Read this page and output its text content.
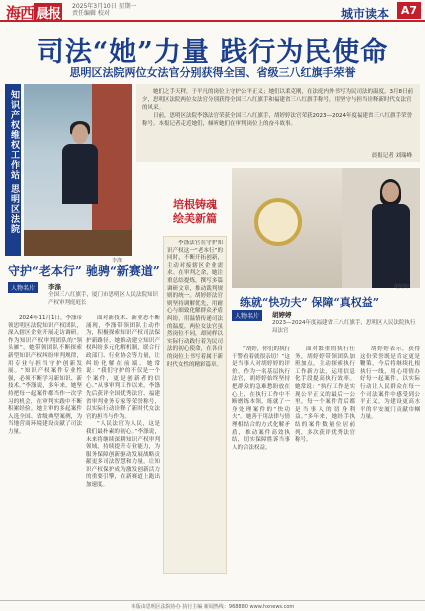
海西 晨报
2025年3月10日 星期一
责任编辑 校对	城市读本	A7
司法“她”力量 践行为民使命
思明区法院两位女法官分别获得全国、省级三八红旗手荣誉
知识产权维权工作站 思明区法院
李涤

她们之手天秤，于平凡的岗位上守护公平正义；她们以柔克刚，在法庭内外书写为民司法的温度。3月8日前夕，思明区法院两位女法官分别获得全国三八红旗手和福建省三八红旗手称号，用坚守与担当诠释新时代女法官的风采。

日前，思明区法院李涤法官荣获全国三八红旗手，胡婷婷法官荣获2023—2024年度福建省三八红旗手荣誉称号。本报记者走近她们，倾听她们在审判岗位上的奋斗故事。

晨报记者 刘瑞峰
守护“老本行” 驰骋“新赛道”
人物名片	李涤
全国三八红旗手，厦门市思明区人民法院知识产权审判庭庭长

2024年11月1日，李涤带领思明区法院知识产权团队，深入辖区企业开展走访调研。作为知识产权审判团队的“领头雁”，她带领团队不断探索新型知识产权纠纷审判规律，用专业与担当守护创新发展。“知识产权案件专业性强，必须不断学习新知识、新技术。”李涤说，多年来，她坚持把每一起案件都当作一次学习的机会，在审判实践中不断积累经验。她主审的多起案件入选全国、省级典型案例，为当地营商环境建设贡献了司法力量。

面对新技术、新业态不断涌现，李涤带领团队主动作为，积极探索知识产权司法保护新路径。她推动建立知识产权纠纷多元化解机制，联合行政部门、行业协会等力量，让纠纷化解在前端。她常说：“我们守护的不仅是一个个案件，更是创新者的信心。”从事审判工作以来，李涤先后获评全国优秀法官、福建省审判业务专家等荣誉称号，以实际行动诠释了新时代女法官的担当与作为。

“人民法官为人民，这是我们最朴素的初心。”李涤说，未来将继续深耕知识产权审判领域，持续提升专业能力，为服务保障创新驱动发展战略贡献更多司法智慧和力量，让知识产权保护成为激发创新活力的重要引擎，在新赛道上跑出加速度。

培根铸魂 绘美新篇

李涤法官在守护知识产权这一“老本行”的同时，不断开拓创新，主动对接辖区企业需求。在审判之余，她注重总结提炼，撰写多篇调研文章，推动裁判规则的统一。胡婷婷法官则坚持调解优先，用耐心与细致化解群众矛盾纠纷，用温情传递司法的温度。两位女法官虽然岗位不同，却同样以实际行动践行着为民司法的初心使命，在各自的岗位上书写着属于新时代女性的精彩篇章。

胡婷婷
练就“快功夫” 保障“真权益”
人物名片	胡婷婷
2023—2024年度福建省三八红旗手，思明区人民法院执行局法官

“胡婷，你们的执行干警看着就很亲切！”这是当事人对胡婷婷的评价。作为一名基层执行法官，胡婷婷始终坚持把群众的急难愁盼放在心上，在执行工作中不断磨练本领，练就了一身处理案件的“快功夫”。她善于用法律与情理相结合的方式化解矛盾，推动案件高效执结，切实保障胜诉当事人的合法权益。

面对繁重的执行任务，胡婷婷带领团队加班加点，主动探索执行工作新方法，运用信息化手段提高执行效率。她常说：“执行工作是实现公平正义的最后一公里，每一个案件背后都是当事人的切身利益。”多年来，她经手执结的案件数量位居前列，多次获评优秀法官称号。

胡婷婷表示，获得这份荣誉既是肯定更是鞭策，今后将继续扎根执行一线，用心用情办好每一起案件，以实际行动让人民群众在每一个司法案件中感受到公平正义，为建设更高水平的平安厦门贡献巾帼力量。

本版由思明区法院协办 执行主编 新闻热线：968880 www.hxnews.com
